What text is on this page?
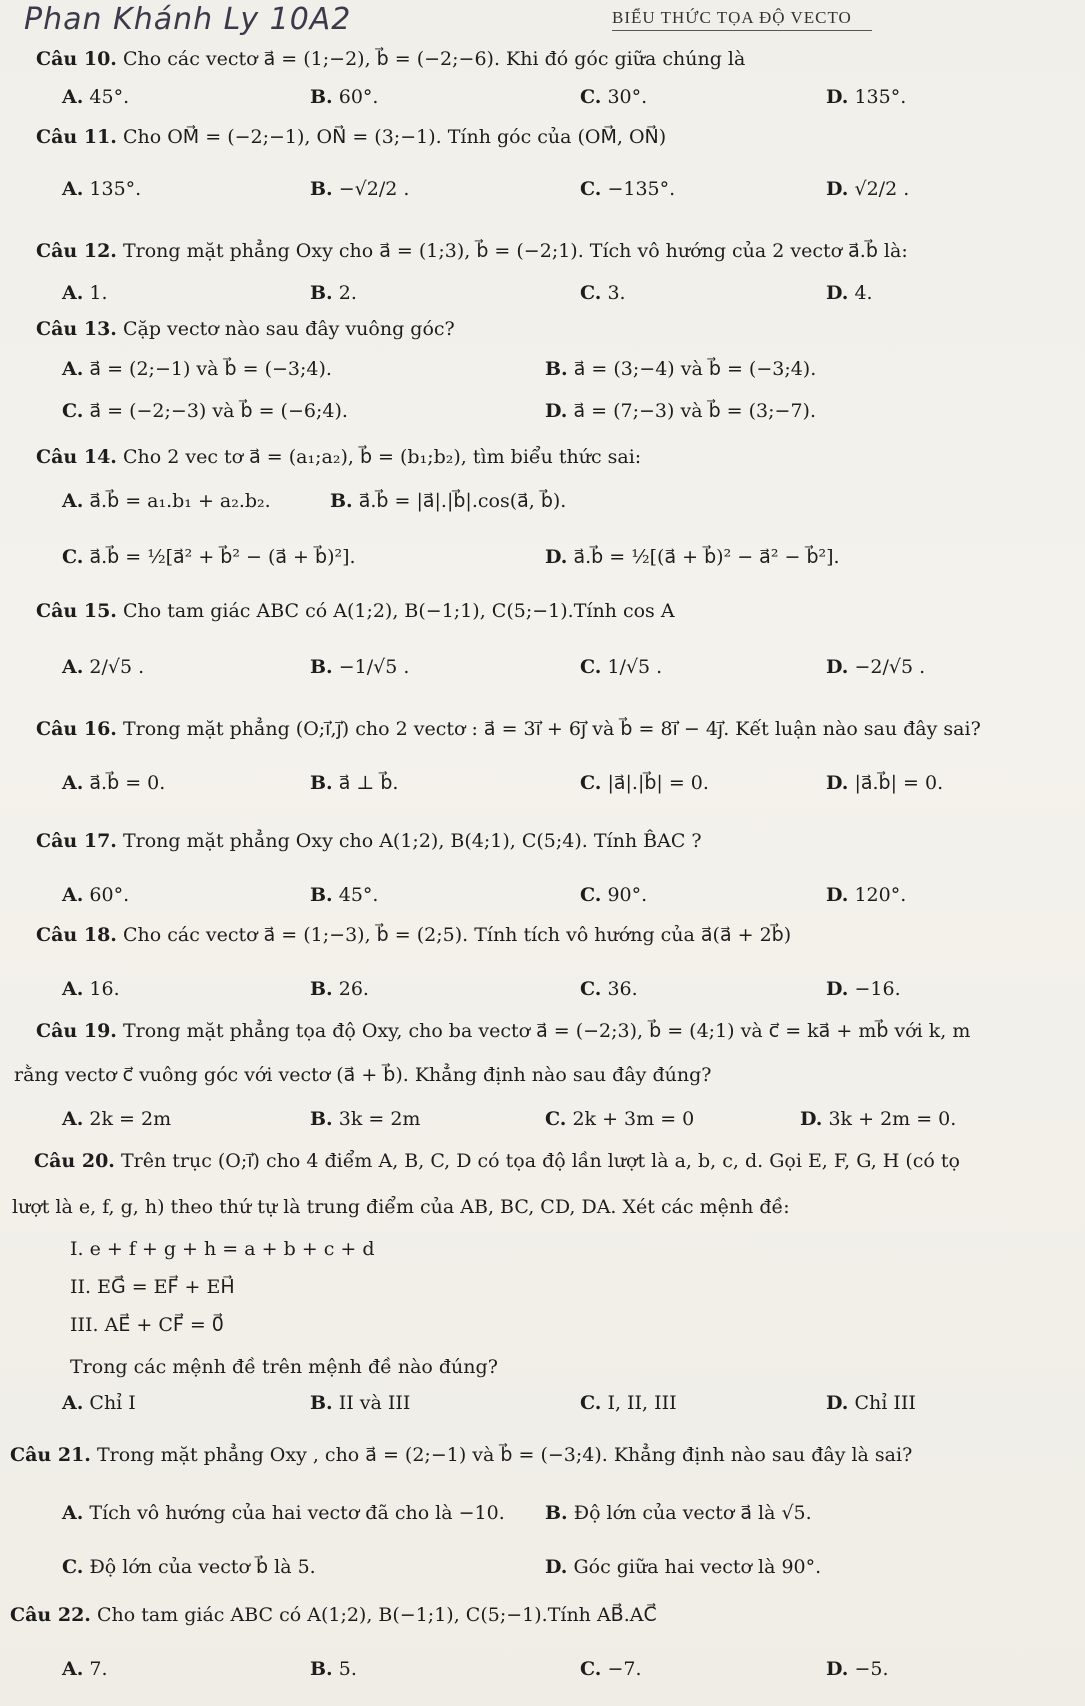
Phan Khánh Ly 10A2	BIỂU THỨC TỌA ĐỘ VECTO
Câu 10. Cho các vectơ a⃗ = (1;−2), b⃗ = (−2;−6). Khi đó góc giữa chúng là
A. 45°.	B. 60°.	C. 30°.	D. 135°.
Câu 11. Cho OM⃗ = (−2;−1), ON⃗ = (3;−1). Tính góc của (OM⃗, ON⃗)
A. 135°.	B. −√2/2 .	C. −135°.	D. √2/2 .
Câu 12. Trong mặt phẳng Oxy cho a⃗ = (1;3), b⃗ = (−2;1). Tích vô hướng của 2 vectơ a⃗.b⃗ là:
A. 1.	B. 2.	C. 3.	D. 4.
Câu 13. Cặp vectơ nào sau đây vuông góc?
A. a⃗ = (2;−1) và b⃗ = (−3;4).	B. a⃗ = (3;−4) và b⃗ = (−3;4).
C. a⃗ = (−2;−3) và b⃗ = (−6;4).	D. a⃗ = (7;−3) và b⃗ = (3;−7).
Câu 14. Cho 2 vec tơ a⃗ = (a₁;a₂), b⃗ = (b₁;b₂), tìm biểu thức sai:
A. a⃗.b⃗ = a₁.b₁ + a₂.b₂.	B. a⃗.b⃗ = |a⃗|.|b⃗|.cos(a⃗, b⃗).
C. a⃗.b⃗ = ½[a⃗² + b⃗² − (a⃗ + b⃗)²].	D. a⃗.b⃗ = ½[(a⃗ + b⃗)² − a⃗² − b⃗²].
Câu 15. Cho tam giác ABC có A(1;2), B(−1;1), C(5;−1).Tính cos A
A. 2/√5 .	B. −1/√5 .	C. 1/√5 .	D. −2/√5 .
Câu 16. Trong mặt phẳng (O;i⃗,j⃗) cho 2 vectơ : a⃗ = 3i⃗ + 6j⃗ và b⃗ = 8i⃗ − 4j⃗. Kết luận nào sau đây sai?
A. a⃗.b⃗ = 0.	B. a⃗ ⊥ b⃗.	C. |a⃗|.|b⃗| = 0.	D. |a⃗.b⃗| = 0.
Câu 17. Trong mặt phẳng Oxy cho A(1;2), B(4;1), C(5;4). Tính B̂AC ?
A. 60°.	B. 45°.	C. 90°.	D. 120°.
Câu 18. Cho các vectơ a⃗ = (1;−3), b⃗ = (2;5). Tính tích vô hướng của a⃗(a⃗ + 2b⃗)
A. 16.	B. 26.	C. 36.	D. −16.
Câu 19. Trong mặt phẳng tọa độ Oxy, cho ba vectơ a⃗ = (−2;3), b⃗ = (4;1) và c⃗ = ka⃗ + mb⃗ với k, m
rằng vectơ c⃗ vuông góc với vectơ (a⃗ + b⃗). Khẳng định nào sau đây đúng?
A. 2k = 2m	B. 3k = 2m	C. 2k + 3m = 0	D. 3k + 2m = 0.
Câu 20. Trên trục (O;i⃗) cho 4 điểm A, B, C, D có tọa độ lần lượt là a, b, c, d. Gọi E, F, G, H (có tọ
lượt là e, f, g, h) theo thứ tự là trung điểm của AB, BC, CD, DA. Xét các mệnh đề:
I. e + f + g + h = a + b + c + d
II. EG⃗ = EF⃗ + EH⃗
III. AE⃗ + CF⃗ = 0⃗
Trong các mệnh đề trên mệnh đề nào đúng?
A. Chỉ I	B. II và III	C. I, II, III	D. Chỉ III
Câu 21. Trong mặt phẳng Oxy , cho a⃗ = (2;−1) và b⃗ = (−3;4). Khẳng định nào sau đây là sai?
A. Tích vô hướng của hai vectơ đã cho là −10. B. Độ lớn của vectơ a⃗ là √5.
C. Độ lớn của vectơ b⃗ là 5.	D. Góc giữa hai vectơ là 90°.
Câu 22. Cho tam giác ABC có A(1;2), B(−1;1), C(5;−1).Tính AB⃗.AC⃗
A. 7.	B. 5.	C. −7.	D. −5.
